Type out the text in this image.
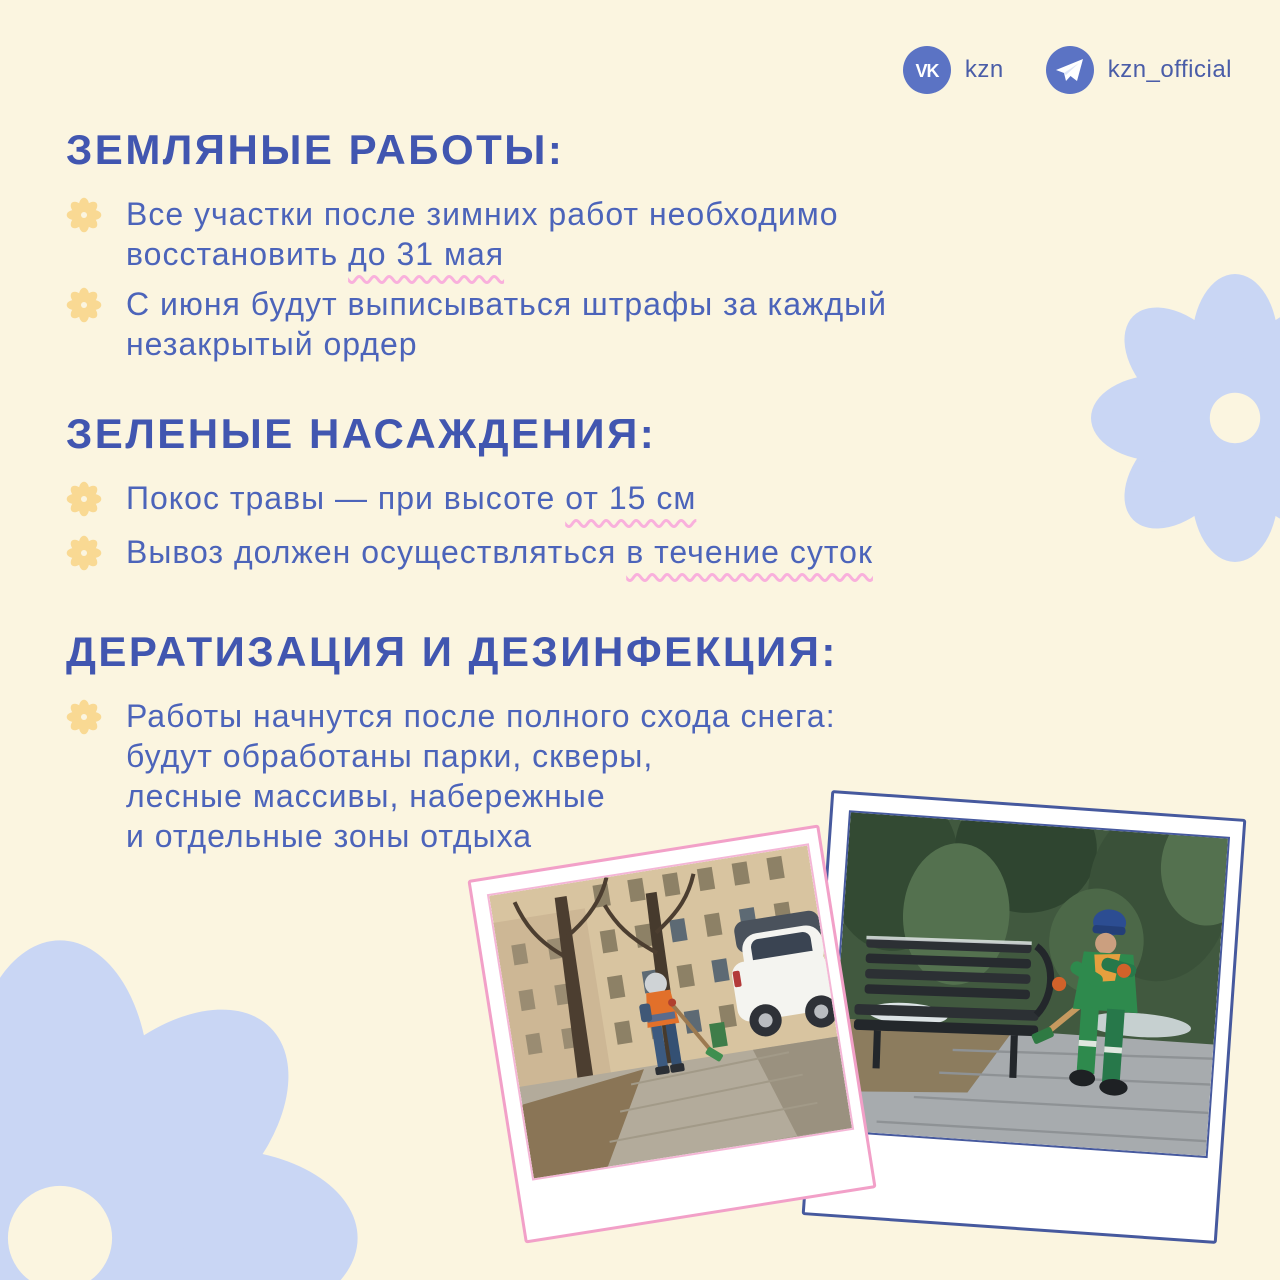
VK kzn	kzn_official
ЗЕМЛЯНЫЕ РАБОТЫ:
Все участки после зимних работ необходимо
восстановить до 31 мая
С июня будут выписываться штрафы за каждый
незакрытый ордер
ЗЕЛЕНЫЕ НАСАЖДЕНИЯ:
Покос травы — при высоте от 15 см
Вывоз должен осуществляться в течение суток
ДЕРАТИЗАЦИЯ И ДЕЗИНФЕКЦИЯ:
Работы начнутся после полного схода снега:
будут обработаны парки, скверы,
лесные массивы, набережные
и отдельные зоны отдыха
